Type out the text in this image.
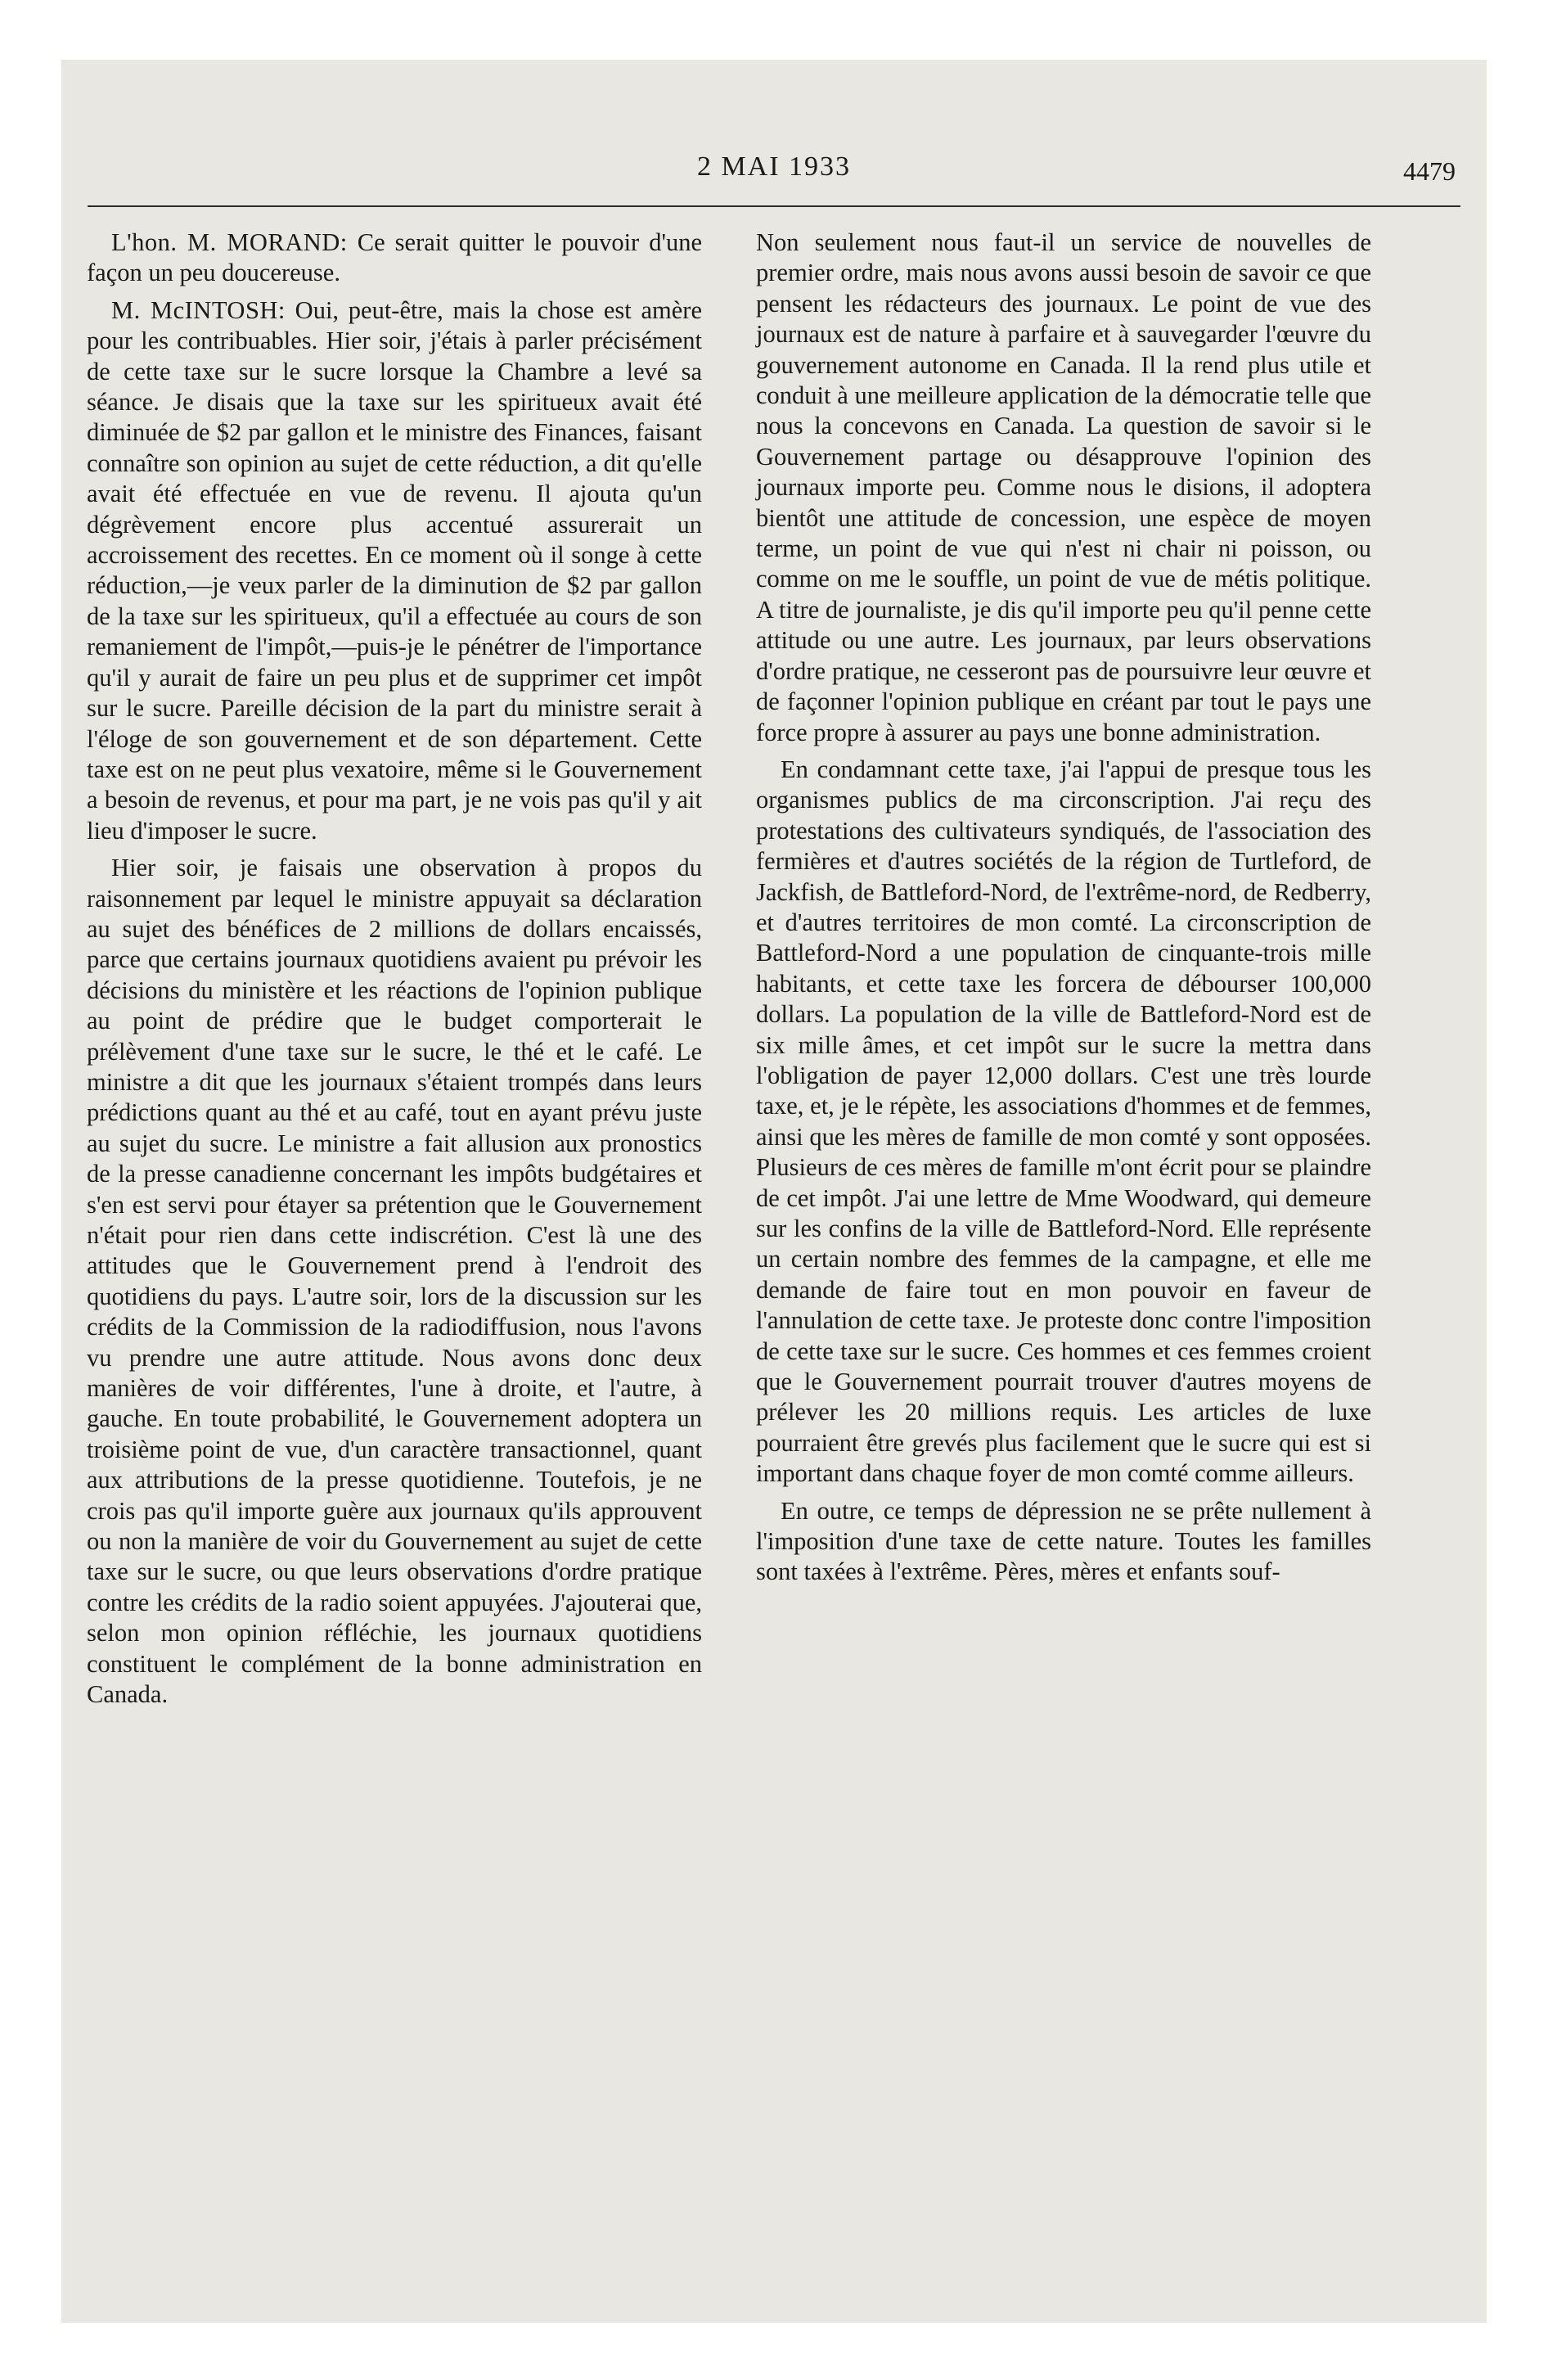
2 MAI 1933	4479

L'hon. M. MORAND: Ce serait quitter le pouvoir d'une façon un peu doucereuse.

M. McINTOSH: Oui, peut-être, mais la chose est amère pour les contribuables. Hier soir, j'étais à parler précisément de cette taxe sur le sucre lorsque la Chambre a levé sa séance. Je disais que la taxe sur les spiritueux avait été diminuée de $2 par gallon et le ministre des Finances, faisant connaître son opinion au sujet de cette réduction, a dit qu'elle avait été effectuée en vue de revenu. Il ajouta qu'un dégrèvement encore plus accentué assurerait un accroissement des recettes. En ce moment où il songe à cette réduction,—je veux parler de la diminution de $2 par gallon de la taxe sur les spiritueux, qu'il a effectuée au cours de son remaniement de l'impôt,—puis-je le pénétrer de l'importance qu'il y aurait de faire un peu plus et de supprimer cet impôt sur le sucre. Pareille décision de la part du ministre serait à l'éloge de son gouvernement et de son département. Cette taxe est on ne peut plus vexatoire, même si le Gouvernement a besoin de revenus, et pour ma part, je ne vois pas qu'il y ait lieu d'imposer le sucre.

Hier soir, je faisais une observation à propos du raisonnement par lequel le ministre appuyait sa déclaration au sujet des bénéfices de 2 millions de dollars encaissés, parce que certains journaux quotidiens avaient pu prévoir les décisions du ministère et les réactions de l'opinion publique au point de prédire que le budget comporterait le prélèvement d'une taxe sur le sucre, le thé et le café. Le ministre a dit que les journaux s'étaient trompés dans leurs prédictions quant au thé et au café, tout en ayant prévu juste au sujet du sucre. Le ministre a fait allusion aux pronostics de la presse canadienne concernant les impôts budgétaires et s'en est servi pour étayer sa prétention que le Gouvernement n'était pour rien dans cette indiscrétion. C'est là une des attitudes que le Gouvernement prend à l'endroit des quotidiens du pays. L'autre soir, lors de la discussion sur les crédits de la Commission de la radiodiffusion, nous l'avons vu prendre une autre attitude. Nous avons donc deux manières de voir différentes, l'une à droite, et l'autre, à gauche. En toute probabilité, le Gouvernement adoptera un troisième point de vue, d'un caractère transactionnel, quant aux attributions de la presse quotidienne. Toutefois, je ne crois pas qu'il importe guère aux journaux qu'ils approuvent ou non la manière de voir du Gouvernement au sujet de cette taxe sur le sucre, ou que leurs observations d'ordre pratique contre les crédits de la radio soient appuyées. J'ajouterai que, selon mon opinion réfléchie, les journaux quotidiens constituent le complément de la bonne administration en Canada.

Non seulement nous faut-il un service de nouvelles de premier ordre, mais nous avons aussi besoin de savoir ce que pensent les rédacteurs des journaux. Le point de vue des journaux est de nature à parfaire et à sauvegarder l'œuvre du gouvernement autonome en Canada. Il la rend plus utile et conduit à une meilleure application de la démocratie telle que nous la concevons en Canada. La question de savoir si le Gouvernement partage ou désapprouve l'opinion des journaux importe peu. Comme nous le disions, il adoptera bientôt une attitude de concession, une espèce de moyen terme, un point de vue qui n'est ni chair ni poisson, ou comme on me le souffle, un point de vue de métis politique. A titre de journaliste, je dis qu'il importe peu qu'il penne cette attitude ou une autre. Les journaux, par leurs observations d'ordre pratique, ne cesseront pas de poursuivre leur œuvre et de façonner l'opinion publique en créant par tout le pays une force propre à assurer au pays une bonne administration.

En condamnant cette taxe, j'ai l'appui de presque tous les organismes publics de ma circonscription. J'ai reçu des protestations des cultivateurs syndiqués, de l'association des fermières et d'autres sociétés de la région de Turtleford, de Jackfish, de Battleford-Nord, de l'extrême-nord, de Redberry, et d'autres territoires de mon comté. La circonscription de Battleford-Nord a une population de cinquante-trois mille habitants, et cette taxe les forcera de débourser 100,000 dollars. La population de la ville de Battleford-Nord est de six mille âmes, et cet impôt sur le sucre la mettra dans l'obligation de payer 12,000 dollars. C'est une très lourde taxe, et, je le répète, les associations d'hommes et de femmes, ainsi que les mères de famille de mon comté y sont opposées. Plusieurs de ces mères de famille m'ont écrit pour se plaindre de cet impôt. J'ai une lettre de Mme Woodward, qui demeure sur les confins de la ville de Battleford-Nord. Elle représente un certain nombre des femmes de la campagne, et elle me demande de faire tout en mon pouvoir en faveur de l'annulation de cette taxe. Je proteste donc contre l'imposition de cette taxe sur le sucre. Ces hommes et ces femmes croient que le Gouvernement pourrait trouver d'autres moyens de prélever les 20 millions requis. Les articles de luxe pourraient être grevés plus facilement que le sucre qui est si important dans chaque foyer de mon comté comme ailleurs.

En outre, ce temps de dépression ne se prête nullement à l'imposition d'une taxe de cette nature. Toutes les familles sont taxées à l'extrême. Pères, mères et enfants souf-
